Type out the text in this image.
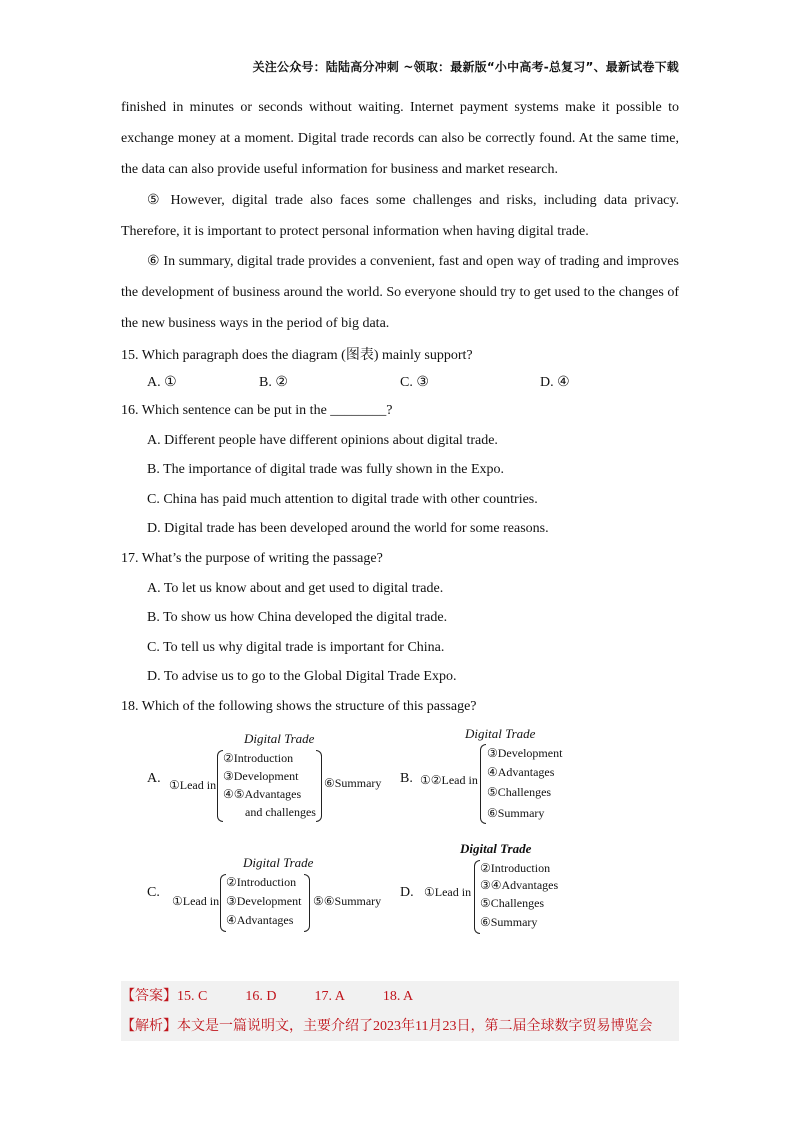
关注公众号：陆陆高分冲刺 ~领取：最新版“小中高考-总复习”、最新试卷下载

finished in minutes or seconds without waiting. Internet payment systems make it possible to exchange money at a moment. Digital trade records can also be correctly found. At the same time, the data can also provide useful information for business and market research.

⑤ However, digital trade also faces some challenges and risks, including data privacy. Therefore, it is important to protect personal information when having digital trade.

⑥ In summary, digital trade provides a convenient, fast and open way of trading and improves the development of business around the world. So everyone should try to get used to the changes of the new business ways in the period of big data.

15. Which paragraph does the diagram (图表) mainly support?
A. ①	B. ②	C. ③	D. ④
16. Which sentence can be put in the ________?
A. Different people have different opinions about digital trade.
B. The importance of digital trade was fully shown in the Expo.
C. China has paid much attention to digital trade with other countries.
D. Digital trade has been developed around the world for some reasons.
17. What’s the purpose of writing the passage?
A. To let us know about and get used to digital trade.
B. To show us how China developed the digital trade.
C. To tell us why digital trade is important for China.
D. To advise us to go to the Global Digital Trade Expo.
18. Which of the following shows the structure of this passage?
A.
Digital Trade
①Lead in
②Introduction
③Development
④⑤Advantages
and challenges
⑥Summary B.
Digital Trade
①②Lead in
③Development
④Advantages
⑤Challenges
⑥Summary
C.
Digital Trade
①Lead in
②Introduction
③Development
④Advantages
⑤⑥Summary
D.
Digital Trade
①Lead in
②Introduction
③④Advantages
⑤Challenges
⑥Summary
【答案】15. C	16. D	17. A	18. A
【解析】本文是一篇说明文，主要介绍了2023年11月23日，第二届全球数字贸易博览会
